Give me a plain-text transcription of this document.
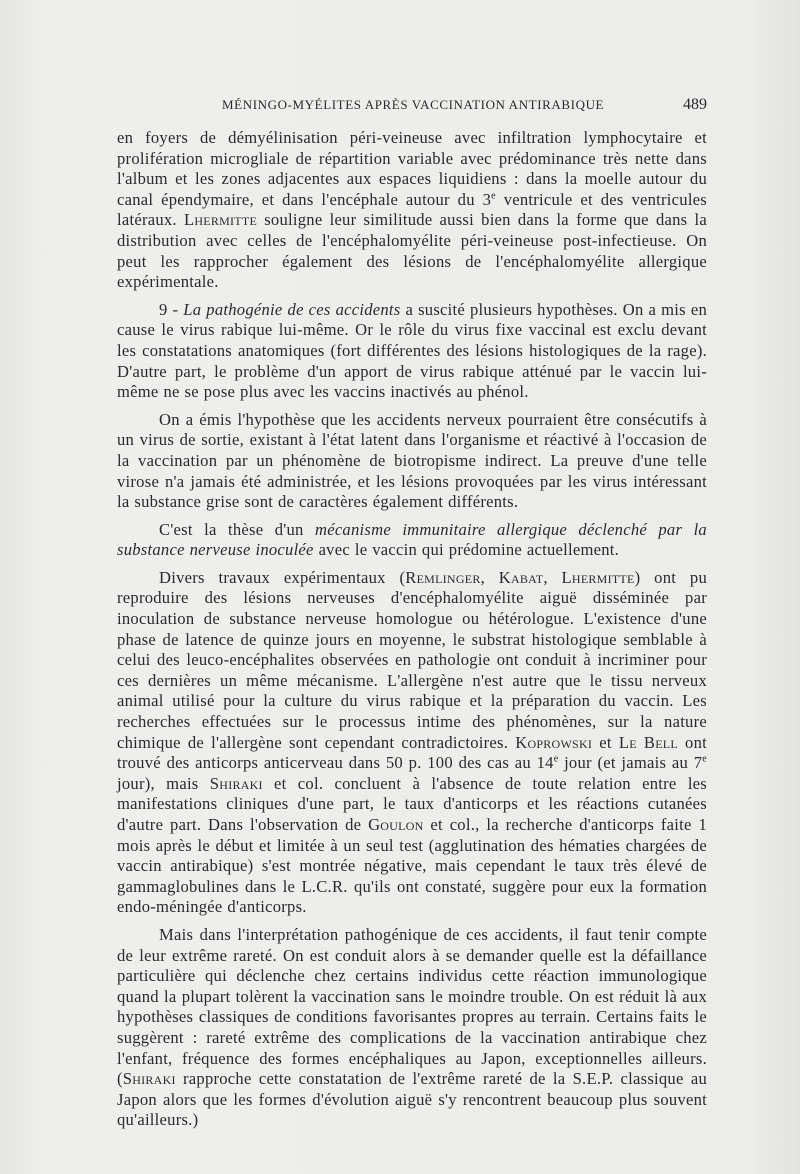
MÉNINGO-MYÉLITES APRÈS VACCINATION ANTIRABIQUE	489

en foyers de démyélinisation péri-veineuse avec infiltration lymphocytaire et prolifération microgliale de répartition variable avec prédominance très nette dans l'album et les zones adjacentes aux espaces liquidiens : dans la moelle autour du canal épendymaire, et dans l'encéphale autour du 3e ventricule et des ventricules latéraux. Lhermitte souligne leur similitude aussi bien dans la forme que dans la distribution avec celles de l'encéphalomyélite péri-veineuse post-infectieuse. On peut les rapprocher également des lésions de l'encéphalomyélite allergique expérimentale.

9 - La pathogénie de ces accidents a suscité plusieurs hypothèses. On a mis en cause le virus rabique lui-même. Or le rôle du virus fixe vaccinal est exclu devant les constatations anatomiques (fort différentes des lésions histologiques de la rage). D'autre part, le problème d'un apport de virus rabique atténué par le vaccin lui-même ne se pose plus avec les vaccins inactivés au phénol.

On a émis l'hypothèse que les accidents nerveux pourraient être consécutifs à un virus de sortie, existant à l'état latent dans l'organisme et réactivé à l'occasion de la vaccination par un phénomène de biotropisme indirect. La preuve d'une telle virose n'a jamais été administrée, et les lésions provoquées par les virus intéressant la substance grise sont de caractères également différents.

C'est la thèse d'un mécanisme immunitaire allergique déclenché par la substance nerveuse inoculée avec le vaccin qui prédomine actuellement.

Divers travaux expérimentaux (Remlinger, Kabat, Lhermitte) ont pu reproduire des lésions nerveuses d'encéphalomyélite aiguë disséminée par inoculation de substance nerveuse homologue ou hétérologue. L'existence d'une phase de latence de quinze jours en moyenne, le substrat histologique semblable à celui des leuco-encéphalites observées en pathologie ont conduit à incriminer pour ces dernières un même mécanisme. L'allergène n'est autre que le tissu nerveux animal utilisé pour la culture du virus rabique et la préparation du vaccin. Les recherches effectuées sur le processus intime des phénomènes, sur la nature chimique de l'allergène sont cependant contradictoires. Koprowski et Le Bell ont trouvé des anticorps anticerveau dans 50 p. 100 des cas au 14e jour (et jamais au 7e jour), mais Shiraki et col. concluent à l'absence de toute relation entre les manifestations cliniques d'une part, le taux d'anticorps et les réactions cutanées d'autre part. Dans l'observation de Goulon et col., la recherche d'anticorps faite 1 mois après le début et limitée à un seul test (agglutination des hématies chargées de vaccin antirabique) s'est montrée négative, mais cependant le taux très élevé de gammaglobulines dans le L.C.R. qu'ils ont constaté, suggère pour eux la formation endo-méningée d'anticorps.

Mais dans l'interprétation pathogénique de ces accidents, il faut tenir compte de leur extrême rareté. On est conduit alors à se demander quelle est la défaillance particulière qui déclenche chez certains individus cette réaction immunologique quand la plupart tolèrent la vaccination sans le moindre trouble. On est réduit là aux hypothèses classiques de conditions favorisantes propres au terrain. Certains faits le suggèrent : rareté extrême des complications de la vaccination antirabique chez l'enfant, fréquence des formes encéphaliques au Japon, exceptionnelles ailleurs. (Shiraki rapproche cette constatation de l'extrême rareté de la S.E.P. classique au Japon alors que les formes d'évolution aiguë s'y rencontrent beaucoup plus souvent qu'ailleurs.)
